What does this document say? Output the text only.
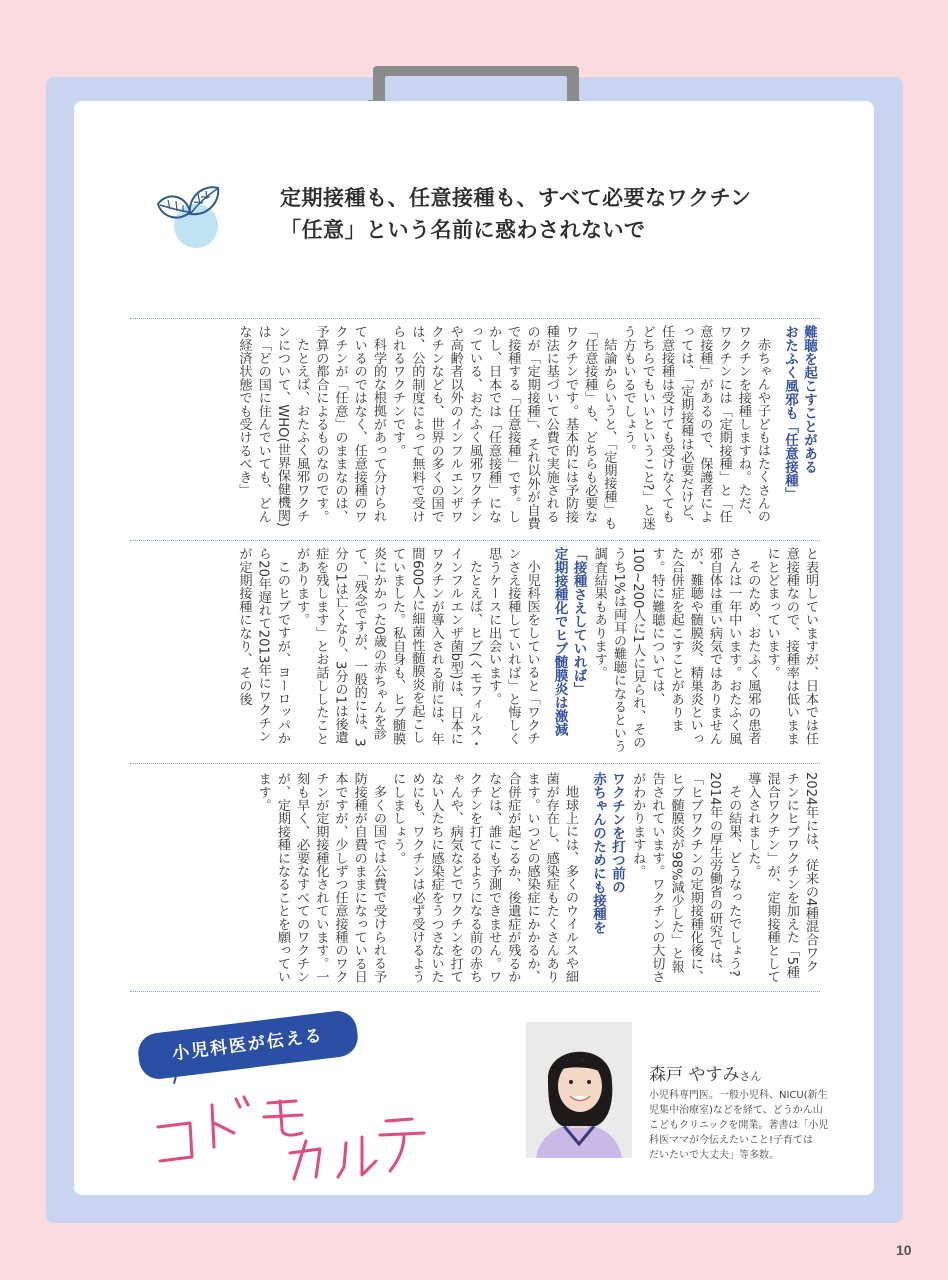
定期接種も、任意接種も、すべて必要なワクチン
「任意」という名前に惑わされないで
難聴を起こすことがある
おたふく風邪も「任意接種」

赤ちゃんや子どもはたくさんのワクチンを接種しますね。ただ、ワクチンには「定期接種」と「任意接種」があるので、保護者によっては、「定期接種は必要だけど、任意接種は受けても受けなくてもどちらでもいいということ?」と迷う方もいるでしょう。

結論からいうと、「定期接種」も「任意接種」も、どちらも必要なワクチンです。基本的には予防接種法に基づいて公費で実施されるのが「定期接種」、それ以外が自費で接種する「任意接種」です。しかし、日本では「任意接種」になっている、おたふく風邪ワクチンや高齢者以外のインフルエンザワクチンなども、世界の多くの国では、公的制度によって無料で受けられるワクチンです。

科学的な根拠があって分けられているのではなく、任意接種のワクチンが「任意」のままなのは、予算の都合によるものなのです。

たとえば、おたふく風邪ワクチンについて、WHO(世界保健機関)は「どの国に住んでいても、どんな経済状態でも受けるべき」

と表明していますが、日本では任意接種なので、接種率は低いままにとどまっています。

そのため、おたふく風邪の患者さんは一年中います。おたふく風邪自体は重い病気ではありませんが、難聴や髄膜炎、精巣炎といった合併症を起こすことがあります。特に難聴については、100~200人に1人に見られ、そのうち1%は両耳の難聴になるという調査結果もあります。

「接種さえしていれば」
定期接種化でヒブ髄膜炎は激減

小児科医をしていると「ワクチンさえ接種していれば」と悔しく思うケースに出会います。

たとえば、ヒブ(ヘモフィルス・インフルエンザ菌b型)は、日本にワクチンが導入される前には、年間600人に細菌性髄膜炎を起こしていました。私自身も、ヒブ髄膜炎にかかった0歳の赤ちゃんを診て、「残念ですが、一般的には、3分の1は亡くなり、3分の1は後遺症を残します」とお話ししたことがあります。

このヒブですが、ヨーロッパから20年遅れて2013年にワクチンが定期接種になり、その後

2024年には、従来の4種混合ワクチンにヒブワクチンを加えた「5種混合ワクチン」が、定期接種として導入されました。

その結果、どうなったでしょう?2014年の厚生労働省の研究では、「ヒブワクチンの定期接種化後に、ヒブ髄膜炎が98%減少した」と報告されています。ワクチンの大切さがわかりますね。

ワクチンを打つ前の
赤ちゃんのためにも接種を

地球上には、多くのウイルスや細菌が存在し、感染症もたくさんあります。いつどの感染症にかかるか、合併症が起こるか、後遺症が残るかなどは、誰にも予測できません。ワクチンを打てるようになる前の赤ちゃんや、病気などでワクチンを打てない人たちに感染症をうつさないためにも、ワクチンは必ず受けるようにしましょう。

多くの国では公費で受けられる予防接種が自費のままになっている日本ですが、少しずつ任意接種のワクチンが定期接種化されています。一刻も早く、必要なすべてのワクチンが、定期接種になることを願っています。

小児科医が伝える
森戸 やすみさん
小児科専門医。一般小児科、NICU(新生
児集中治療室)などを経て、どうかん山
こどもクリニックを開業。著書は「小児
科医ママが今伝えたいこと!子育ては
だいたいで大丈夫」等多数。
10
